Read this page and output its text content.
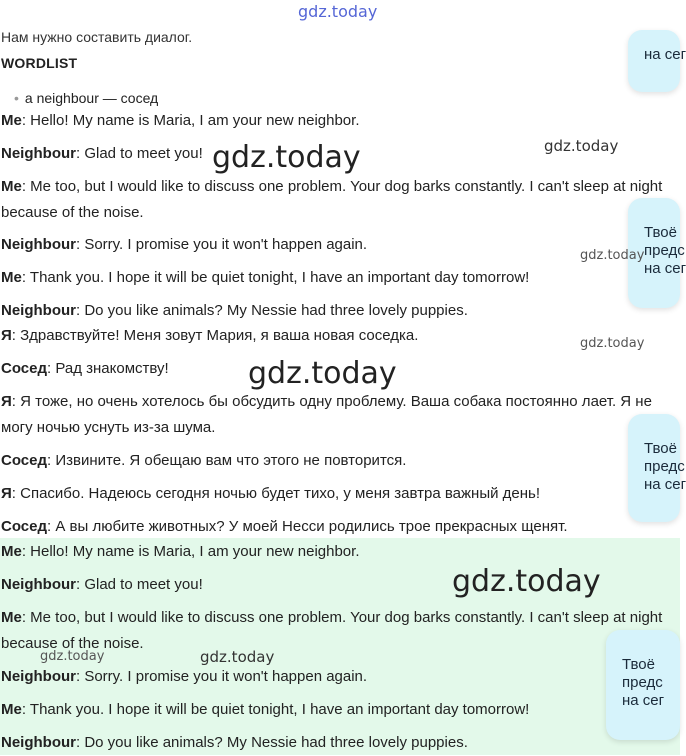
gdz.today
Нам нужно составить диалог.
WORDLIST
• a neighbour — сосед
Me: Hello! My name is Maria, I am your new neighbor.
Neighbour: Glad to meet you!
Me: Me too, but I would like to discuss one problem. Your dog barks constantly. I can't sleep at night because of the noise.
Neighbour: Sorry. I promise you it won't happen again.
Me: Thank you. I hope it will be quiet tonight, I have an important day tomorrow!
Neighbour: Do you like animals? My Nessie had three lovely puppies.
Я: Здравствуйте! Меня зовут Мария, я ваша новая соседка.
Сосед: Рад знакомству!
Я: Я тоже, но очень хотелось бы обсудить одну проблему. Ваша собака постоянно лает. Я не могу ночью уснуть из-за шума.
Сосед: Извините. Я обещаю вам что этого не повторится.
Я: Спасибо. Надеюсь сегодня ночью будет тихо, у меня завтра важный день!
Сосед: А вы любите животных? У моей Несси родились трое прекрасных щенят.
Me: Hello! My name is Maria, I am your new neighbor.
Neighbour: Glad to meet you!
Me: Me too, but I would like to discuss one problem. Your dog barks constantly. I can't sleep at night because of the noise.
Neighbour: Sorry. I promise you it won't happen again.
Me: Thank you. I hope it will be quiet tonight, I have an important day tomorrow!
Neighbour: Do you like animals? My Nessie had three lovely puppies.
на сег
Твоё
предс
на сег
Твоё
предс
на сег
Твоё
предс
на сег
gdz.today	gdz.today
gdz.today
gdz.today
gdz.today
gdz.today
gdz.today	gdz.today
